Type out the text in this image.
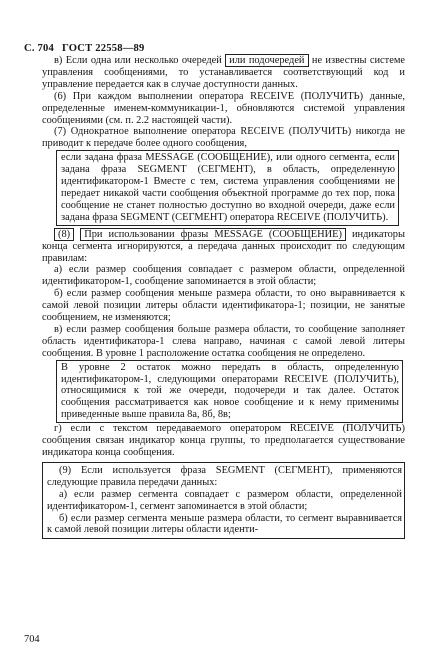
С. 704 ГОСТ 22558—89

в) Если одна или несколько очередей или подочередей не известны системе управления сообщениями, то устанавливается соответствующий код и управление передается как в случае доступности данных.

(6) При каждом выполнении оператора RECEIVE (ПОЛУЧИТЬ) данные, определенные именем-коммуникации-1, обновляются системой управления сообщениями (см. п. 2.2 настоящей части).

(7) Однократное выполнение оператора RECEIVE (ПОЛУЧИТЬ) никогда не приводит к передаче более одного сообщения,

если задана фраза MESSAGE (СООБЩЕНИЕ), или одного сегмента, если задана фраза SEGMENT (СЕГМЕНТ), в область, определенную идентификатором-1 Вместе с тем, система управления сообщениями не передает никакой части сообщения объектной программе до тех пор, пока сообщение не станет полностью доступно во входной очереди, даже если задана фраза SEGMENT (СЕГМЕНТ) оператора RECEIVE (ПОЛУЧИТЬ).

(8) При использовании фразы MESSAGE (СООБЩЕНИЕ) индикаторы конца сегмента игнорируются, а передача данных происходит по следующим правилам:

а) если размер сообщения совпадает с размером области, определенной идентификатором-1, сообщение запоминается в этой области;

б) если размер сообщения меньше размера области, то оно выравнивается к самой левой позиции литеры области идентификатора-1; позиции, не занятые сообщением, не изменяются;

в) если размер сообщения больше размера области, то сообщение заполняет область идентификатора-1 слева направо, начиная с самой левой литеры сообщения. В уровне 1 расположение остатка сообщения не определено.

В уровне 2 остаток можно передать в область, определенную идентификатором-1, следующими операторами RECEIVE (ПОЛУЧИТЬ), относящимися к той же очереди, подочереди и так далее. Остаток сообщения рассматривается как новое сообщение и к нему применимы приведенные выше правила 8а, 8б, 8в;

г) если с текстом передаваемого оператором RECEIVE (ПОЛУЧИТЬ) сообщения связан индикатор конца группы, то предполагается существование индикатора конца сообщения.

(9) Если используется фраза SEGMENT (СЕГМЕНТ), применяются следующие правила передачи данных:

а) если размер сегмента совпадает с размером области, определенной идентификатором-1, сегмент запоминается в этой области;

б) если размер сегмента меньше размера области, то сегмент выравнивается к самой левой позиции литеры области иденти-

704
